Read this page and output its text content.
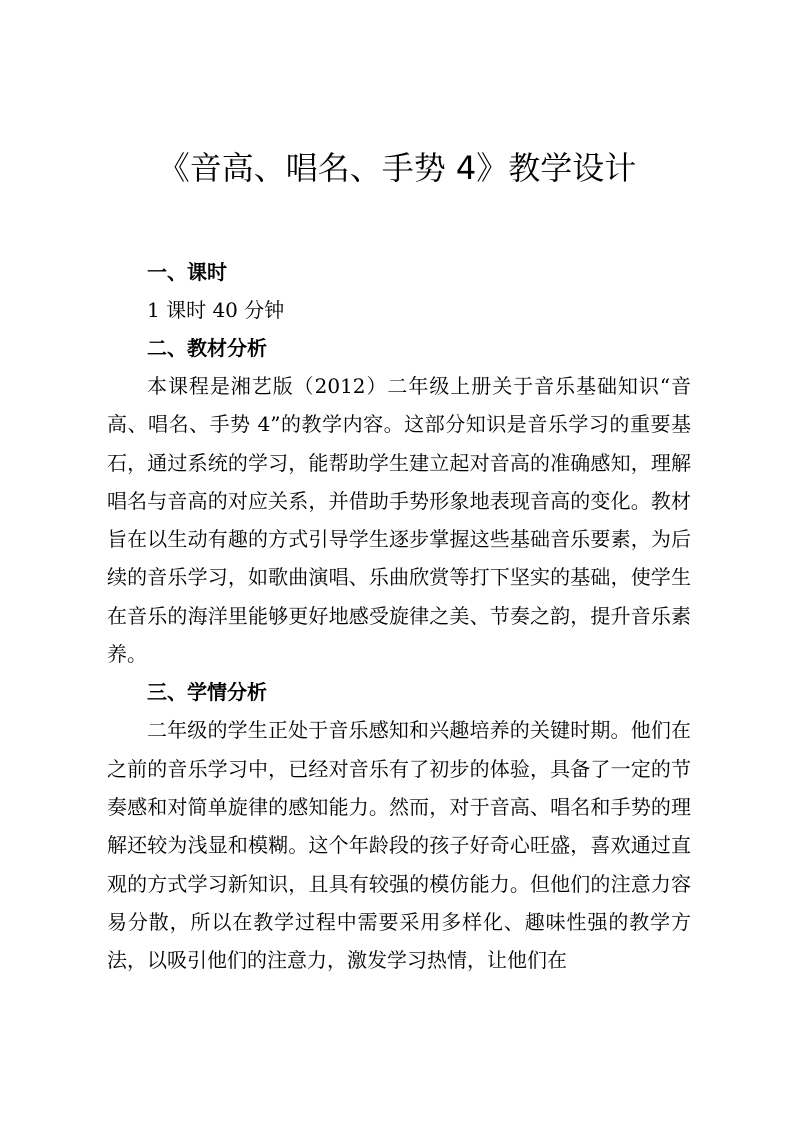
《音高、唱名、手势 4》教学设计
一、课时

1 课时 40 分钟

二、教材分析

本课程是湘艺版（2012）二年级上册关于音乐基础知识“音高、唱名、手势 4”的教学内容。这部分知识是音乐学习的重要基石，通过系统的学习，能帮助学生建立起对音高的准确感知，理解唱名与音高的对应关系，并借助手势形象地表现音高的变化。教材旨在以生动有趣的方式引导学生逐步掌握这些基础音乐要素，为后续的音乐学习，如歌曲演唱、乐曲欣赏等打下坚实的基础，使学生在音乐的海洋里能够更好地感受旋律之美、节奏之韵，提升音乐素养。

三、学情分析

二年级的学生正处于音乐感知和兴趣培养的关键时期。他们在之前的音乐学习中，已经对音乐有了初步的体验，具备了一定的节奏感和对简单旋律的感知能力。然而，对于音高、唱名和手势的理解还较为浅显和模糊。这个年龄段的孩子好奇心旺盛，喜欢通过直观的方式学习新知识，且具有较强的模仿能力。但他们的注意力容易分散，所以在教学过程中需要采用多样化、趣味性强的教学方法，以吸引他们的注意力，激发学习热情，让他们在
